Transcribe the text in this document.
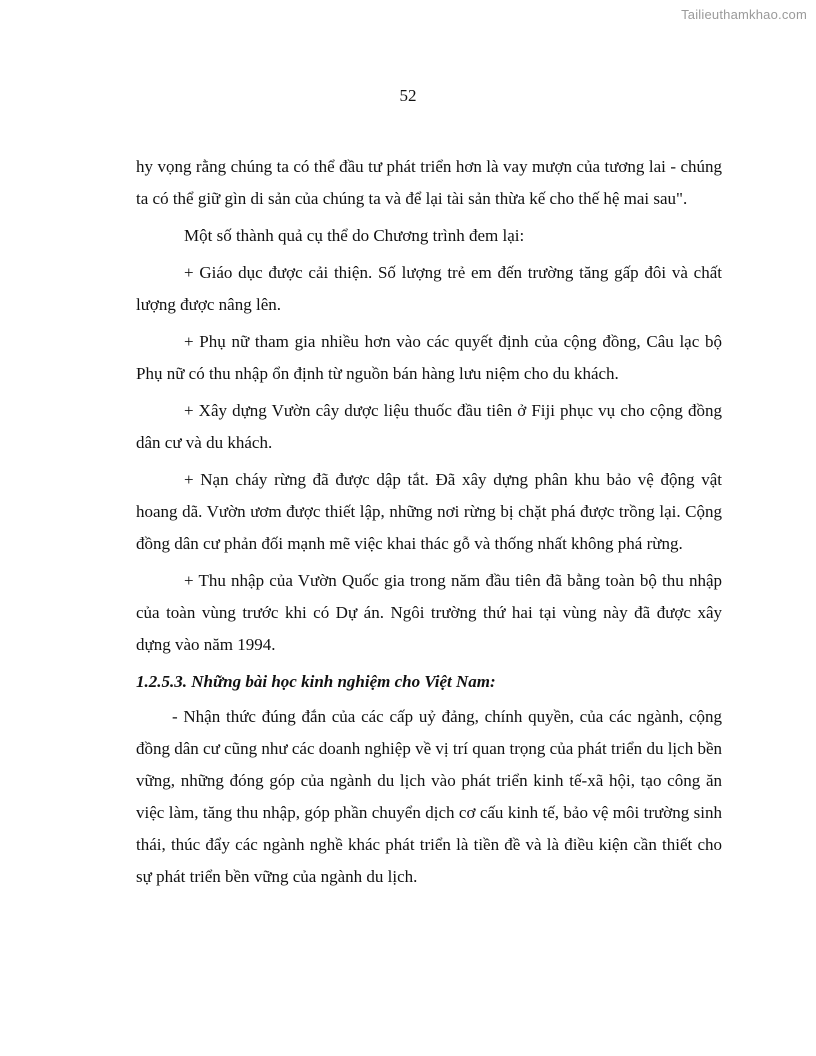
Tailieuthamkhao.com
52

hy vọng rằng chúng ta có thể đầu tư phát triển hơn là vay mượn của tương lai - chúng ta có thể giữ gìn di sản của chúng ta và để lại tài sản thừa kế cho thế hệ mai sau".

Một số thành quả cụ thể do Chương trình đem lại:

+ Giáo dục được cải thiện. Số lượng trẻ em đến trường tăng gấp đôi và chất lượng được nâng lên.

+ Phụ nữ tham gia nhiều hơn vào các quyết định của cộng đồng, Câu lạc bộ Phụ nữ có thu nhập ổn định từ nguồn bán hàng lưu niệm cho du khách.

+ Xây dựng Vườn cây dược liệu thuốc đầu tiên ở Fiji phục vụ cho cộng đồng dân cư và du khách.

+ Nạn cháy rừng đã được dập tắt. Đã xây dựng phân khu bảo vệ động vật hoang dã. Vườn ươm được thiết lập, những nơi rừng bị chặt phá được trồng lại. Cộng đồng dân cư phản đối mạnh mẽ việc khai thác gỗ và thống nhất không phá rừng.

+ Thu nhập của Vườn Quốc gia trong năm đầu tiên đã bằng toàn bộ thu nhập của toàn vùng trước khi có Dự án. Ngôi trường thứ hai tại vùng này đã được xây dựng vào năm 1994.

1.2.5.3. Những bài học kinh nghiệm cho Việt Nam:

- Nhận thức đúng đắn của các cấp uỷ đảng, chính quyền, của các ngành, cộng đồng dân cư cũng như các doanh nghiệp về vị trí quan trọng của phát triển du lịch bền vững, những đóng góp của ngành du lịch vào phát triển kinh tế-xã hội, tạo công ăn việc làm, tăng thu nhập, góp phần chuyển dịch cơ cấu kinh tế, bảo vệ môi trường sinh thái, thúc đẩy các ngành nghề khác phát triển là tiền đề và là điều kiện cần thiết cho sự phát triển bền vững của ngành du lịch.
